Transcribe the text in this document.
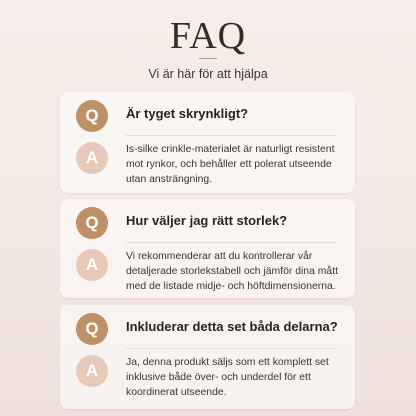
FAQ
Vi är här för att hjälpa
Q	Är tyget skrynkligt?
A	Is-silke crinkle-materialet är naturligt resistent mot rynkor, och behåller ett polerat utseende utan ansträngning.
Q	Hur väljer jag rätt storlek?
A	Vi rekommenderar att du kontrollerar vår detaljerade storlekstabell och jämför dina mått med de listade midje- och höftdimensionerna.
Q	Inkluderar detta set båda delarna?
A	Ja, denna produkt säljs som ett komplett set inklusive både över- och underdel för ett koordinerat utseende.
